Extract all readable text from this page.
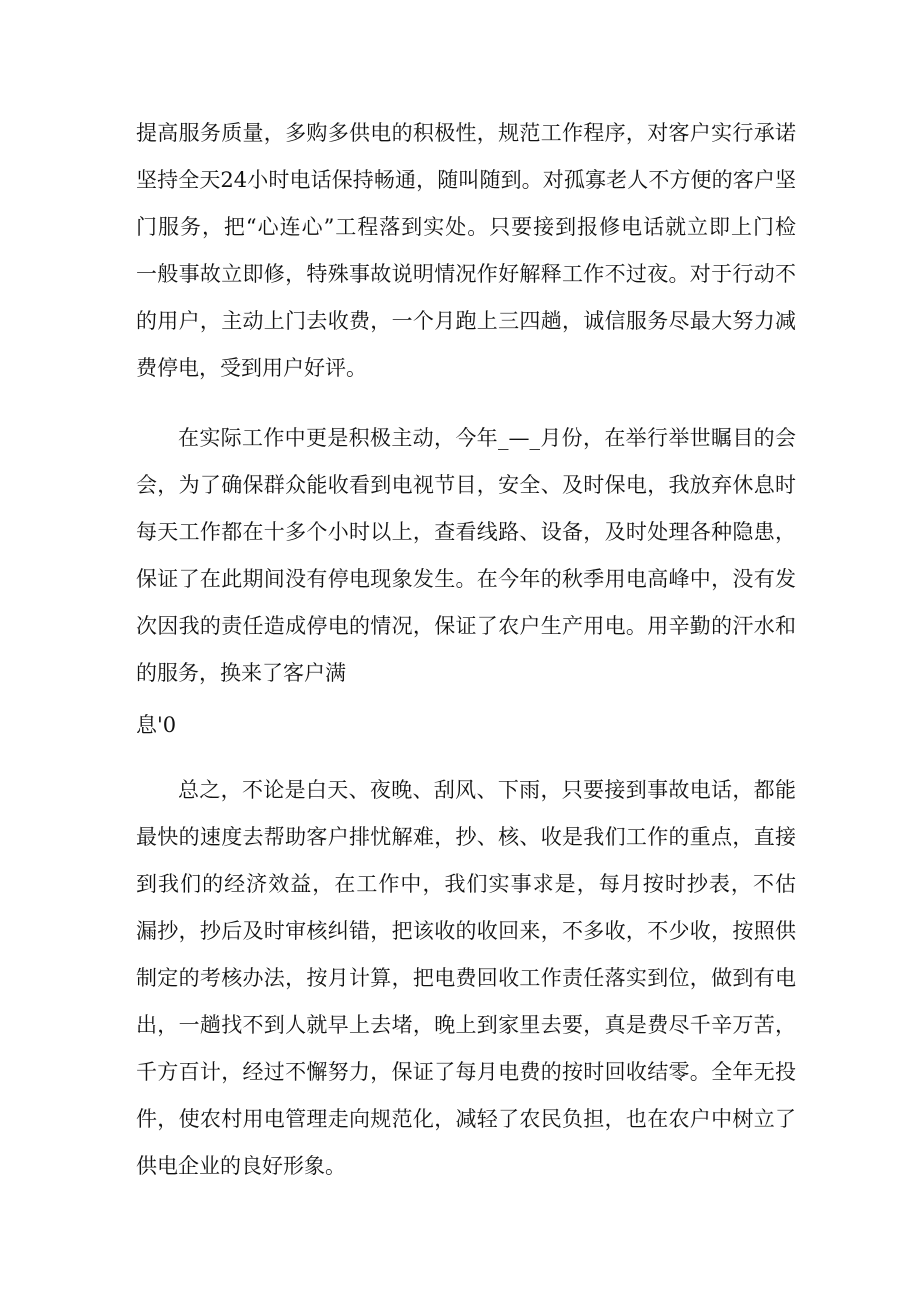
提高服务质量，多购多供电的积极性，规范工作程序，对客户实行承诺
坚持全天24小时电话保持畅通，随叫随到。对孤寡老人不方便的客户坚
门服务，把“心连心”工程落到实处。只要接到报修电话就立即上门检
一般事故立即修，特殊事故说明情况作好解释工作不过夜。对于行动不
的用户，主动上门去收费，一个月跑上三四趟，诚信服务尽最大努力减
费停电，受到用户好评。
在实际工作中更是积极主动，今年_—_月份，在举行举世瞩目的会
会，为了确保群众能收看到电视节目，安全、及时保电，我放弃休息时
每天工作都在十多个小时以上，查看线路、设备，及时处理各种隐患，
保证了在此期间没有停电现象发生。在今年的秋季用电高峰中，没有发
次因我的责任造成停电的情况，保证了农户生产用电。用辛勤的汗水和
的服务，换来了客户满
息'0
总之，不论是白天、夜晚、刮风、下雨，只要接到事故电话，都能
最快的速度去帮助客户排忧解难，抄、核、收是我们工作的重点，直接
到我们的经济效益，在工作中，我们实事求是，每月按时抄表，不估
漏抄，抄后及时审核纠错，把该收的收回来，不多收，不少收，按照供
制定的考核办法，按月计算，把电费回收工作责任落实到位，做到有电
出，一趟找不到人就早上去堵，晚上到家里去要，真是费尽千辛万苦，
千方百计，经过不懈努力，保证了每月电费的按时回收结零。全年无投
件，使农村用电管理走向规范化，减轻了农民负担，也在农户中树立了
供电企业的良好形象。
